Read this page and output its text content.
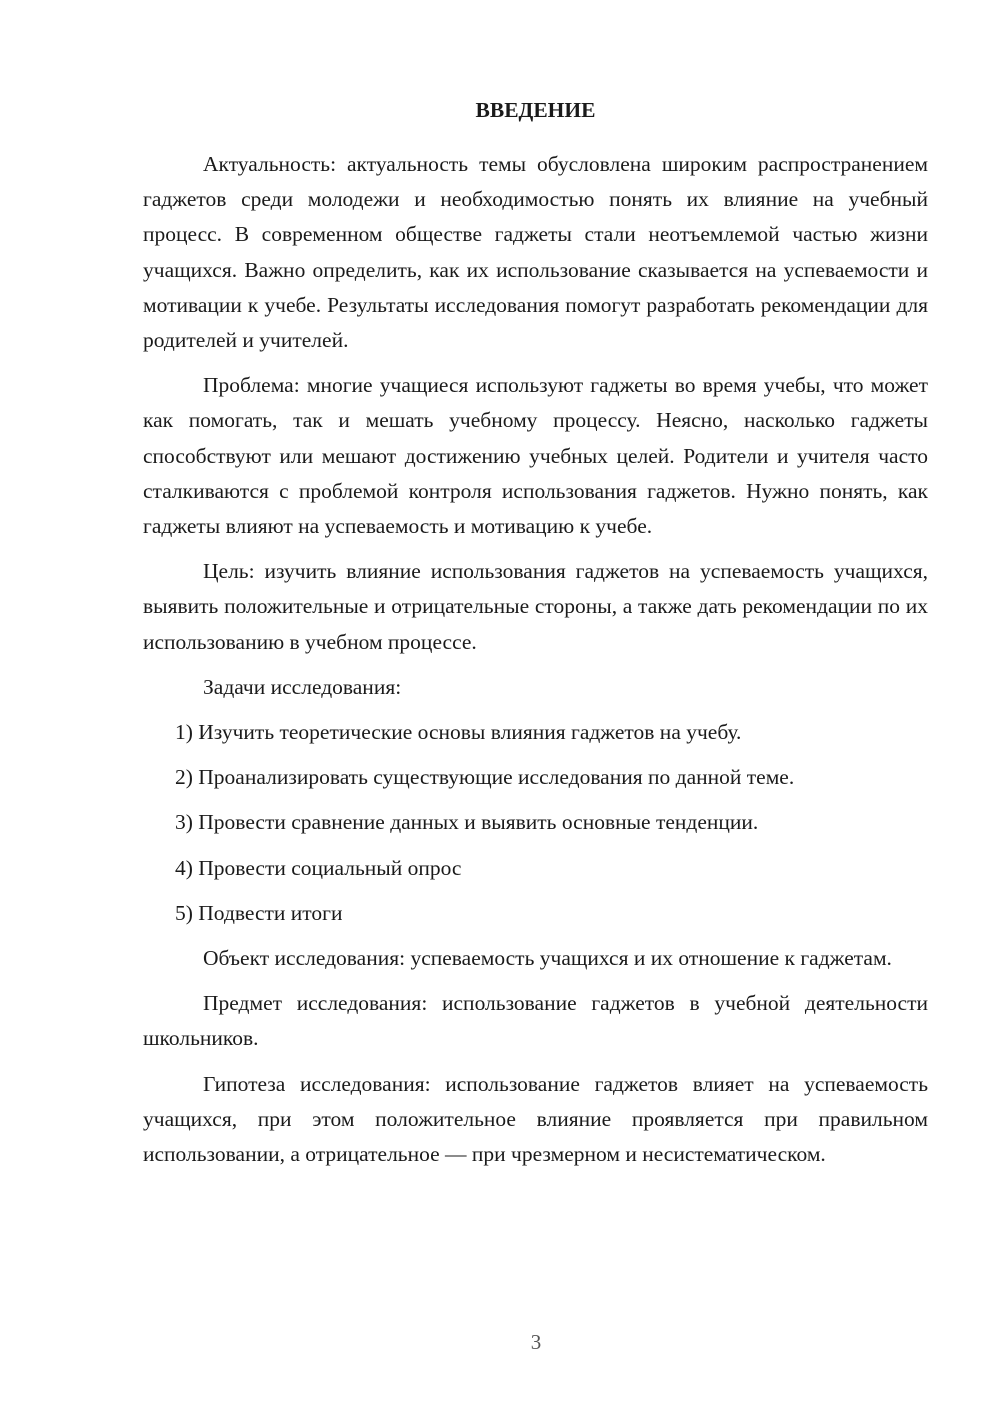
ВВЕДЕНИЕ

Актуальность: актуальность темы обусловлена широким распространением гаджетов среди молодежи и необходимостью понять их влияние на учебный процесс. В современном обществе гаджеты стали неотъемлемой частью жизни учащихся. Важно определить, как их использование сказывается на успеваемости и мотивации к учебе. Результаты исследования помогут разработать рекомендации для родителей и учителей.

Проблема: многие учащиеся используют гаджеты во время учебы, что может как помогать, так и мешать учебному процессу. Неясно, насколько гаджеты способствуют или мешают достижению учебных целей. Родители и учителя часто сталкиваются с проблемой контроля использования гаджетов. Нужно понять, как гаджеты влияют на успеваемость и мотивацию к учебе.

Цель: изучить влияние использования гаджетов на успеваемость учащихся, выявить положительные и отрицательные стороны, а также дать рекомендации по их использованию в учебном процессе.

Задачи исследования:

1) Изучить теоретические основы влияния гаджетов на учебу.
2) Проанализировать существующие исследования по данной теме.
3) Провести сравнение данных и выявить основные тенденции.
4) Провести социальный опрос
5) Подвести итоги

Объект исследования: успеваемость учащихся и их отношение к гаджетам.

Предмет исследования: использование гаджетов в учебной деятельности школьников.

Гипотеза исследования: использование гаджетов влияет на успеваемость учащихся, при этом положительное влияние проявляется при правильном использовании, а отрицательное — при чрезмерном и несистематическом.

3
